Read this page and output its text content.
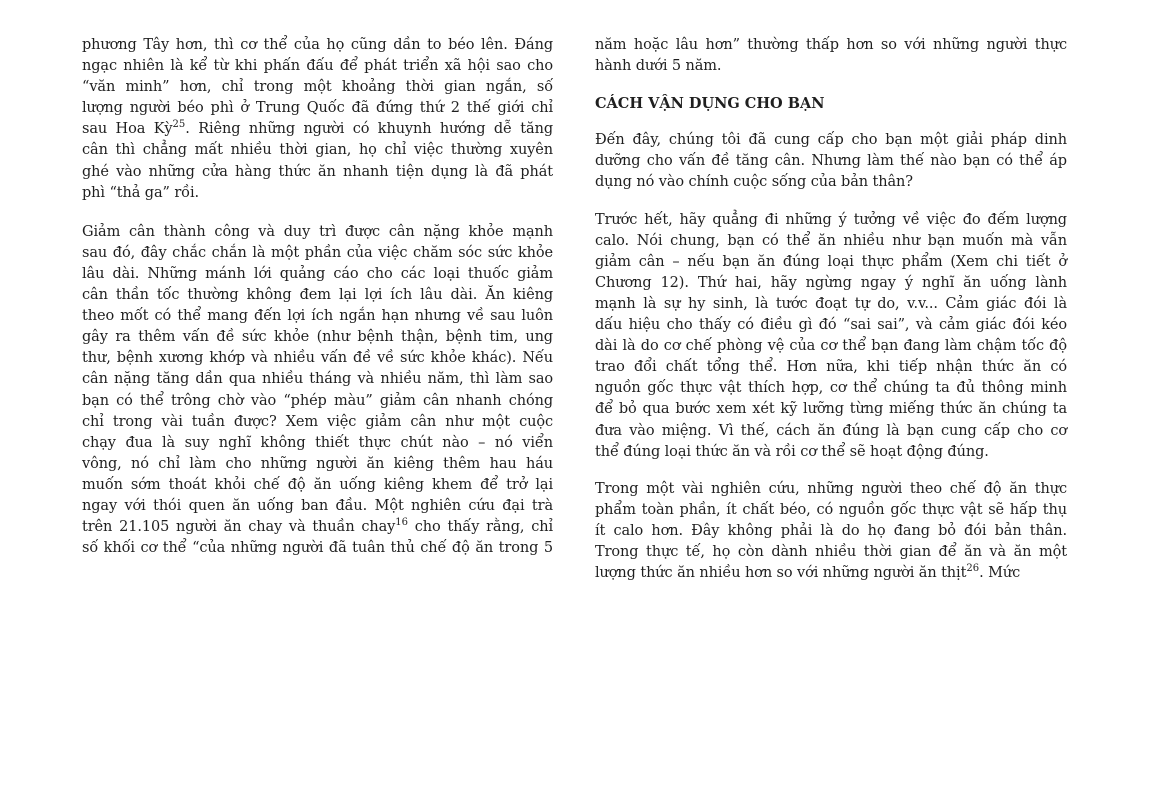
phương Tây hơn, thì cơ thể của họ cũng dần to béo lên. Đáng
ngạc nhiên là kể từ khi phấn đấu để phát triển xã hội sao cho
“văn minh” hơn, chỉ trong một khoảng thời gian ngắn, số
lượng người béo phì ở Trung Quốc đã đứng thứ 2 thế giới chỉ
sau Hoa Kỳ$^{25}$. Riêng những người có khuynh hướng dễ tăng
cân thì chẳng mất nhiều thời gian, họ chỉ việc thường xuyên
ghé vào những cửa hàng thức ăn nhanh tiện dụng là đã phát
phì “thả ga” rồi.
Giảm cân thành công và duy trì được cân nặng khỏe mạnh
sau đó, đây chắc chắn là một phần của việc chăm sóc sức khỏe
lâu dài. Những mánh lới quảng cáo cho các loại thuốc giảm
cân thần tốc thường không đem lại lợi ích lâu dài. Ăn kiêng
theo mốt có thể mang đến lợi ích ngắn hạn nhưng về sau luôn
gây ra thêm vấn đề sức khỏe (như bệnh thận, bệnh tim, ung
thư, bệnh xương khớp và nhiều vấn đề về sức khỏe khác). Nếu
cân nặng tăng dần qua nhiều tháng và nhiều năm, thì làm sao
bạn có thể trông chờ vào “phép màu” giảm cân nhanh chóng
chỉ trong vài tuần được? Xem việc giảm cân như một cuộc
chạy đua là suy nghĩ không thiết thực chút nào – nó viển
vông, nó chỉ làm cho những người ăn kiêng thêm hau háu
muốn sớm thoát khỏi chế độ ăn uống kiêng khem để trở lại
ngay với thói quen ăn uống ban đầu. Một nghiên cứu đại trà
trên 21.105 người ăn chay và thuần chay$^{16}$ cho thấy rằng, chỉ
số khối cơ thể “của những người đã tuân thủ chế độ ăn trong 5
năm hoặc lâu hơn” thường thấp hơn so với những người thực
hành dưới 5 năm.
CÁCH VẬN DỤNG CHO BẠN
Đến đây, chúng tôi đã cung cấp cho bạn một giải pháp dinh
dưỡng cho vấn đề tăng cân. Nhưng làm thế nào bạn có thể áp
dụng nó vào chính cuộc sống của bản thân?
Trước hết, hãy quẳng đi những ý tưởng về việc đo đếm lượng
calo. Nói chung, bạn có thể ăn nhiều như bạn muốn mà vẫn
giảm cân – nếu bạn ăn đúng loại thực phẩm (Xem chi tiết ở
Chương 12). Thứ hai, hãy ngừng ngay ý nghĩ ăn uống lành
mạnh là sự hy sinh, là tước đoạt tự do, v.v... Cảm giác đói là
dấu hiệu cho thấy có điều gì đó “sai sai”, và cảm giác đói kéo
dài là do cơ chế phòng vệ của cơ thể bạn đang làm chậm tốc độ
trao đổi chất tổng thể. Hơn nữa, khi tiếp nhận thức ăn có
nguồn gốc thực vật thích hợp, cơ thể chúng ta đủ thông minh
để bỏ qua bước xem xét kỹ lưỡng từng miếng thức ăn chúng ta
đưa vào miệng. Vì thế, cách ăn đúng là bạn cung cấp cho cơ
thể đúng loại thức ăn và rồi cơ thể sẽ hoạt động đúng.
Trong một vài nghiên cứu, những người theo chế độ ăn thực
phẩm toàn phần, ít chất béo, có nguồn gốc thực vật sẽ hấp thụ
ít calo hơn. Đây không phải là do họ đang bỏ đói bản thân.
Trong thực tế, họ còn dành nhiều thời gian để ăn và ăn một
lượng thức ăn nhiều hơn so với những người ăn thịt$^{26}$. Mức
